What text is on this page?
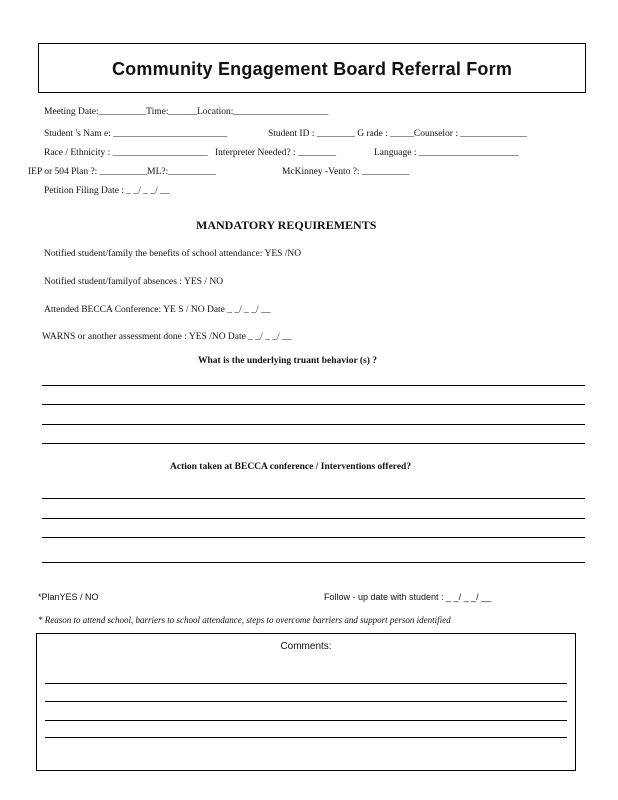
Community Engagement Board Referral Form
Meeting Date:__________Time:______Location:____________________
Student 's Nam e: ________________________	Student ID : ________ G rade : _____Counselor : ______________
Race / Ethnicity : ____________________ Interpreter Needed? : ________	Language : _____________________
IEP or 504 Plan ?: __________ML?:__________	McKinney -Vento ?: __________
Petition Filing Date : _ _/ _ _/ __
MANDATORY REQUIREMENTS
Notified student/family the benefits of school attendance: YES /NO
Notified student/familyof absences : YES / NO
Attended BECCA Conference: YE S / NO Date _ _/ _ _/ __
WARNS or another assessment done : YES /NO Date _ _/ _ _/ __
What is the underlying truant behavior (s) ?
Action taken at BECCA conference / Interventions offered?
*PlanYES / NO	Follow - up date with student : _ _/ _ _/ __
* Reason to attend school, barriers to school attendance, steps to overcome barriers and support person identified
Comments:
